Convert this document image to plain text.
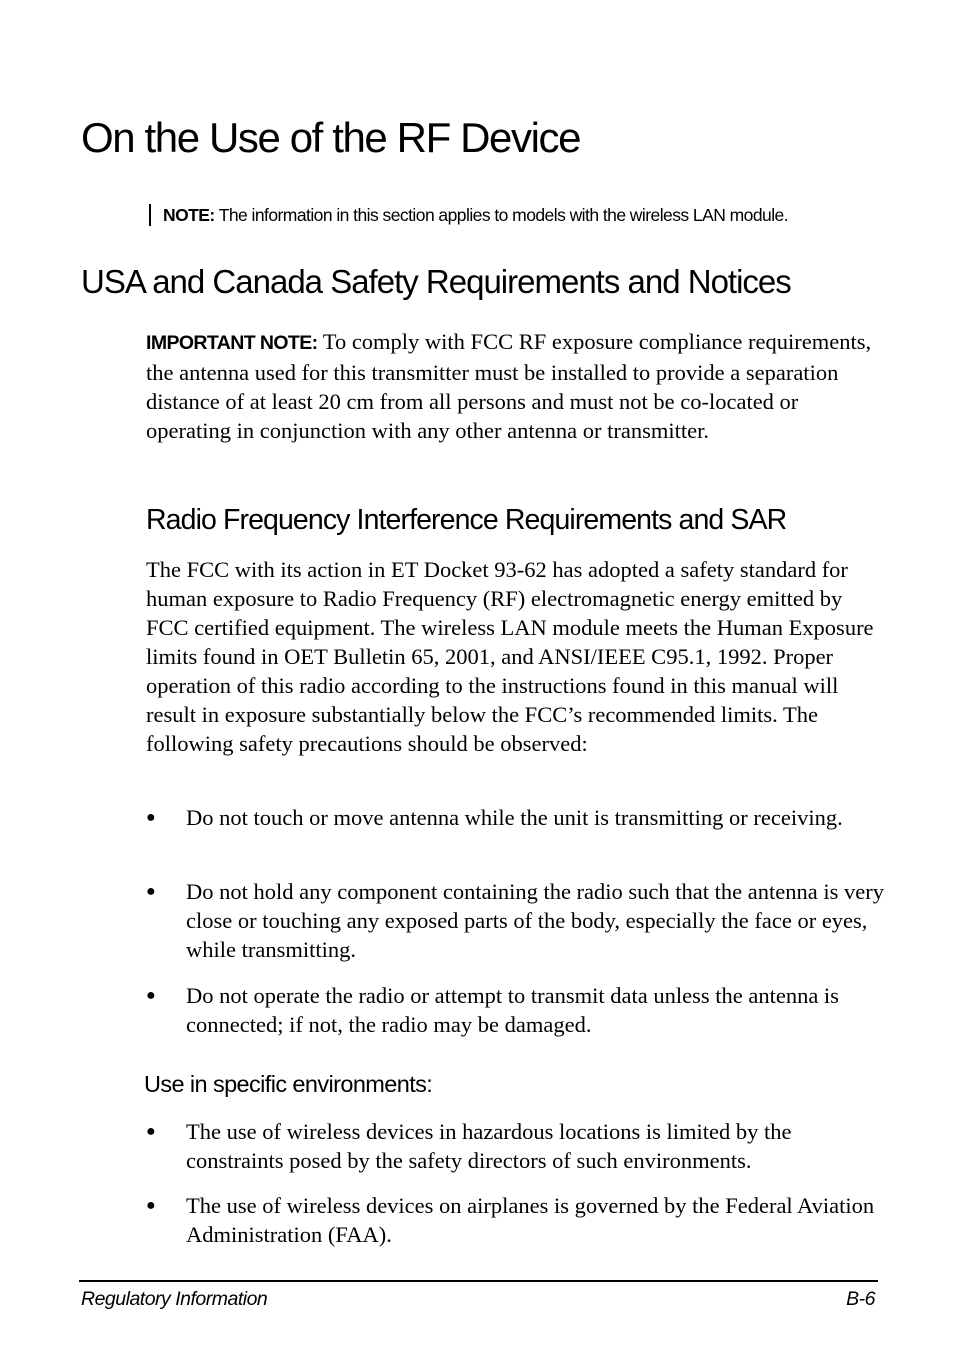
On the Use of the RF Device
NOTE: The information in this section applies to models with the wireless LAN module.
USA and Canada Safety Requirements and Notices

IMPORTANT NOTE: To comply with FCC RF exposure compliance requirements, the antenna used for this transmitter must be installed to provide a separation distance of at least 20 cm from all persons and must not be co-located or operating in conjunction with any other antenna or transmitter.

Radio Frequency Interference Requirements and SAR

The FCC with its action in ET Docket 93-62 has adopted a safety standard for human exposure to Radio Frequency (RF) electromagnetic energy emitted by FCC certified equipment. The wireless LAN module meets the Human Exposure limits found in OET Bulletin 65, 2001, and ANSI/IEEE C95.1, 1992. Proper operation of this radio according to the instructions found in this manual will result in exposure substantially below the FCC’s recommended limits. The following safety precautions should be observed:

● Do not touch or move antenna while the unit is transmitting or receiving.
● Do not hold any component containing the radio such that the antenna is very close or touching any exposed parts of the body, especially the face or eyes, while transmitting.
● Do not operate the radio or attempt to transmit data unless the antenna is connected; if not, the radio may be damaged.
Use in specific environments:
● The use of wireless devices in hazardous locations is limited by the constraints posed by the safety directors of such environments.
● The use of wireless devices on airplanes is governed by the Federal Aviation Administration (FAA).
Regulatory Information	B-6
